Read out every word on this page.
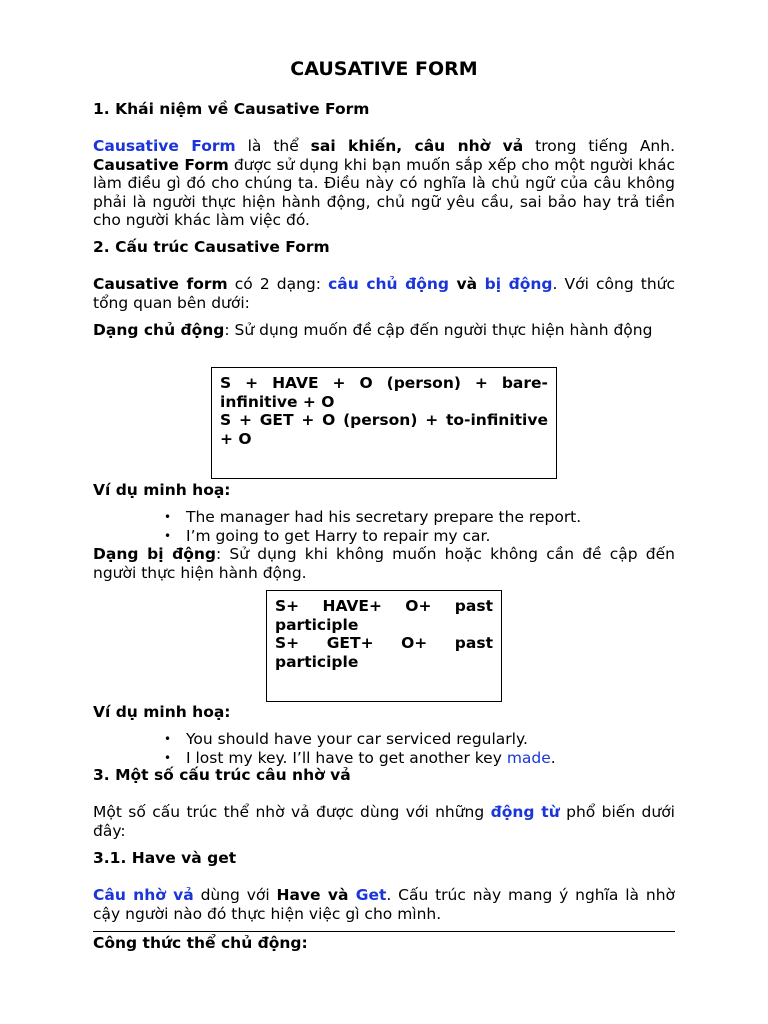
CAUSATIVE FORM
1. Khái niệm về Causative Form
Causative Form là thể sai khiến, câu nhờ vả trong tiếng Anh. Causative Form được sử dụng khi bạn muốn sắp xếp cho một người khác làm điều gì đó cho chúng ta. Điều này có nghĩa là chủ ngữ của câu không phải là người thực hiện hành động, chủ ngữ yêu cầu, sai bảo hay trả tiền cho người khác làm việc đó.
2. Cấu trúc Causative Form
Causative form có 2 dạng: câu chủ động và bị động. Với công thức tổng quan bên dưới:
Dạng chủ động: Sử dụng muốn đề cập đến người thực hiện hành động
S + HAVE + O (person) + bare-infinitive + O
S + GET + O (person) + to-infinitive + O
Ví dụ minh hoạ:
• The manager had his secretary prepare the report.
• I’m going to get Harry to repair my car.
Dạng bị động: Sử dụng khi không muốn hoặc không cần đề cập đến người thực hiện hành động.
S+ HAVE+ O+ past participle
S+ GET+ O+ past participle
Ví dụ minh hoạ:
• You should have your car serviced regularly.
• I lost my key. I’ll have to get another key made.
3. Một số cấu trúc câu nhờ vả
Một số cấu trúc thể nhờ vả được dùng với những động từ phổ biến dưới đây:
3.1. Have và get
Câu nhờ vả dùng với Have và Get. Cấu trúc này mang ý nghĩa là nhờ cậy người nào đó thực hiện việc gì cho mình.
Công thức thể chủ động:
